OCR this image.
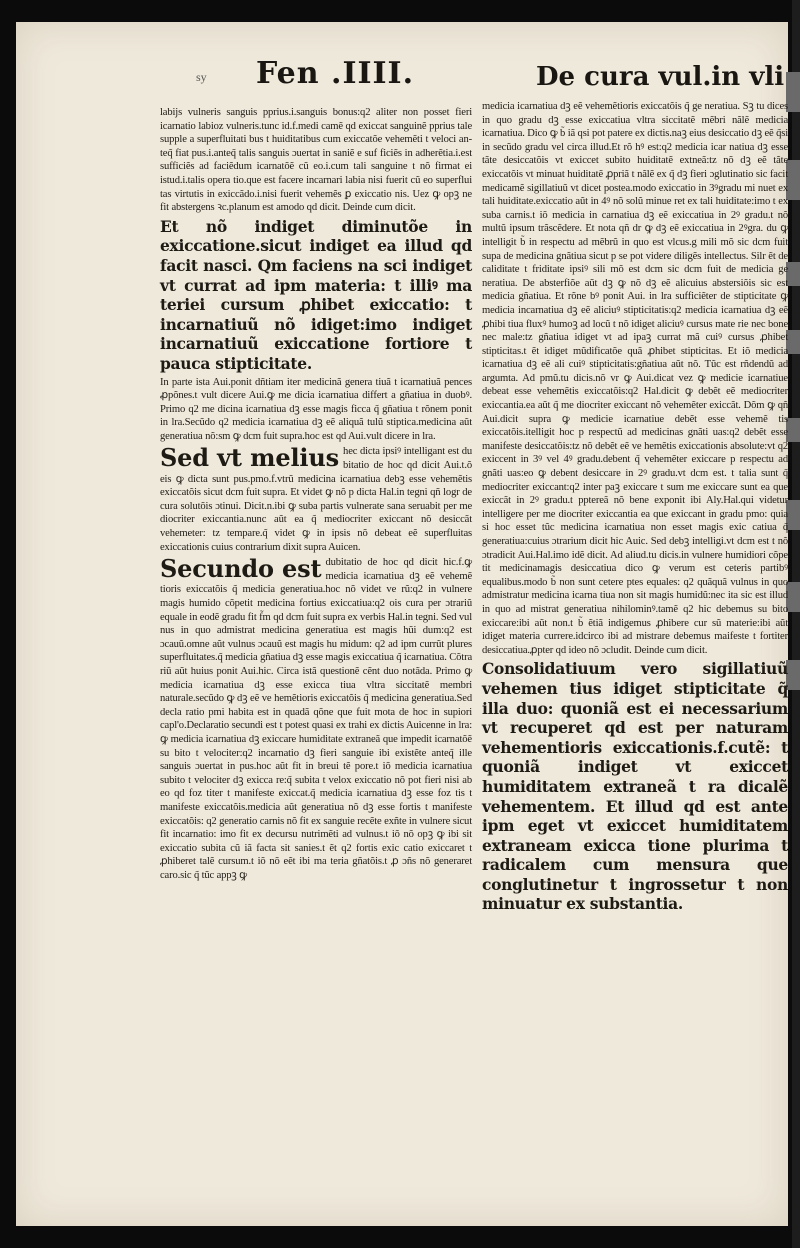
sy Fen .IIII.	De cura vul.in vli

labijs vulneris sanguis pprius.i.sanguis bonus:q2 aliter non posset fieri icarnatio labioz vulneris.tunc id.f.medi camẽ qd exiccat sanguinẽ pprius tale supple a superfluitati bus t huiditatibus cum exiccatõe vehemẽti t veloci an- teq̃ fiat pus.i.anteq̃ talis sanguis ɔuertat in saniẽ e suf ficiẽs in adherẽtia.i.est sufficiẽs ad faciẽdum icarnatõẽ cũ eo.i.cum tali sanguine t nõ firmat ei istud.i.talis opera tio.que est facere incarnari labia nisi fuerit cũ eo superflui tas virtutis in exiccãdo.i.nisi fuerit vehemẽs ꝑ exiccatio nis. Uez ꝙ opꝫ ne fit abstergens ꝛc.planum est amodo qd dicit. Deinde cum dicit.

Et nõ indiget diminutõe in exiccatione.sicut indiget ea illud qd facit nasci. Qm faciens na sci indiget vt currat ad ipm materia: t illiꝰ ma teriei cursum ꝓhibet exiccatio: t incarnatiuũ nõ idiget:imo indiget incarnatiuũ exiccatione fortiore t pauca stipticitate.

In parte ista Aui.ponit dñtiam iter medicinã genera tiuã t icarnatiuã pences ꝓpõnes.t vult dicere Aui.ꝙ me dicia icarnatiua differt a gñatiua in duobꝰ. Primo q2 me dicina icarnatiua dꝫ esse magis ficca q̃ gñatiua t rõnem ponit in lra.Secũdo q2 medicia icarnatiua dꝫ eẽ aliquã tulũ stiptica.medicina aũt generatiua nõ:sm ꝙ dcm fuit supra.hoc est qd Aui.vult dicere in lra.

Sed vt melius hec dicta ipsiꝰ intelligant est du bitatio de hoc qd dicit Aui.t.õ eis ꝙ dicta sunt pus.pmo.f.vtrũ medicina icarnatiua debꝫ esse vehemẽtis exiccatõis sicut dcm fuit supra. Et videt ꝙ nõ p dicta Hal.in tegni qñ logr de cura solutõis ɔtinui. Dicit.n.ibi ꝙ suba partis vulnerate sana seruabit per me diocriter exiccantia.nunc aũt ea q̃ mediocriter exiccant nõ desiccãt vehemeter: tz tempare.q̃ videt ꝙ in ipsis nõ debeat eẽ superfluitas exiccationis cuius contrarium dixit supra Auicen.

Secundo est dubitatio de hoc qd dicit hic.f.ꝙ medicia icarnatiua dꝫ eẽ vehemẽ tioris exiccatõis q̃ medicia generatiua.hoc nõ videt ve rũ:q2 in vulnere magis humido cõpetit medicina fortius exiccatiua:q2 ois cura per ɔtrariũ equale in eodẽ gradu fit f̃m qd dcm fuit supra ex verbis Hal.in tegni. Sed vul nus in quo admistrat medicina generatiua est magis hũi dum:q2 est ɔcauũ.omne aũt vulnus ɔcauũ est magis hu midum: q2 ad ipm currũt plures superfluitates.q̃ medicia gñatiua dꝫ esse magis exiccatiua q̃ icarnatiua. Cõtra riũ aũt huius ponit Aui.hic. Circa istã questionẽ cẽnt duo notãda. Primo ꝙ medicia icarnatiua dꝫ esse exicca tiua vltra siccitatẽ membri naturale.secũdo ꝙ dꝫ eẽ ve hemẽtioris exiccatõis q̃ medicina generatiua.Sed decla ratio pmi habita est in quadã qõne que fuit mota de hoc in supiori capl'o.Declaratio secundi est t potest quasi ex trahi ex dictis Auicenne in lra: ꝙ medicia icarnatiua dꝫ exiccare humiditate extraneã que impedit icarnatõẽ su bito t velociter:q2 incarnatio dꝫ fieri sanguie ibi existẽte anteq̃ ille sanguis ɔuertat in pus.hoc aũt fit in breui tẽ pore.t iõ medicia icarnatiua subito t velociter dꝫ exicca re:q̃ subita t velox exiccatio nõ pot fieri nisi ab eo qd foz titer t manifeste exiccat.q̃ medicia icarnatiua dꝫ esse foz tis t manifeste exiccatõis.medicia aũt generatiua nõ dꝫ esse fortis t manifeste exiccatõis: q2 generatio carnis nõ fit ex sanguie recẽte exñte in vulnere sicut fit incarnatio: imo fit ex decursu nutrimẽti ad vulnus.t iõ nõ opꝫ ꝙ ibi sit exiccatio subita cũ iã facta sit sanies.t ẽt q2 fortis exic catio exiccaret t ꝓhiberet talẽ cursum.t iõ nõ eẽt ibi ma teria gñatõis.t ꝓ ɔñs nõ generaret caro.sic q̃ tũc appꝫ ꝙ

medicia icarnatiua dꝫ eẽ vehemẽtioris exiccatõis q̃ ge neratiua. Sꝫ tu dices in quo gradu dꝫ esse exiccatiua vltra siccitatẽ mẽbri nãlẽ medicia icarnatiua. Dico ꝙ b̃ iã qsi pot patere ex dictis.naꝫ eius desiccatio dꝫ eẽ q̃si in secũdo gradu vel circa illud.Et rõ hꝰ est:q2 medicia icar natiua dꝫ esse tãte desiccatõis vt exiccet subito huiditatẽ extneã:tz nõ dꝫ eẽ tãte exiccatõis vt minuat huiditatẽ ꝓpriã t nãlẽ ex q̃ dꝫ fieri ɔglutinatio sic facit medicamẽ sigillatiuũ vt dicet postea.modo exiccatio in 3ꝰgradu mi nuet ex tali huiditate.exiccatio aũt in 4ꝰ nõ solũ minue ret ex tali huiditate:imo t ex suba carnis.t iõ medicia in carnatiua dꝫ eẽ exiccatiua in 2ꝰ gradu.t nõ multũ ipsum trãscẽdere. Et nota qñ dr ꝙ dꝫ eẽ exiccatiua in 2ꝰgra. du ꝙ intelligit b̃ in respectu ad mẽbrũ in quo est vlcus.g mili mõ sic dcm fuit supa de medicina gnãtiua sicut p se pot videre diligẽs intellectus. Silr ẽt de caliditate t friditate ipsiꝰ sili mõ est dcm sic dcm fuit de medicia ge neratiua. De absterfiõe aũt dꝫ ꝙ nõ dꝫ eẽ alicuius abstersiõis sic est medicia gñatiua. Et rõne bꝰ ponit Aui. in lra sufficiẽter de stipticitate ꝙ medicia incarnatiua dꝫ eẽ aliciuꝰ stipticitatis:q2 medicia icarnatiua dꝫ eẽ ꝓhibi tiua fluxꝰ humoꝫ ad locũ t nõ idiget aliciuꝰ cursus mate rie nec bone nec male:tz gñatiua idiget vt ad ipaꝫ currat mã cuiꝰ cursus ꝓhibet stipticitas.t ẽt idiget mũdificatõe quã ꝓhibet stipticitas. Et iõ medicia icarnatiua dꝫ eẽ ali cuiꝰ stipticitatis:gñatiua aũt nõ. Tũc est rñdendũ ad argumta. Ad pmũ.tu dicis.nõ vr ꝙ Aui.dicat vez ꝙ medicie icarnatiue debeat esse vehemẽtis exiccatõis:q2 Hal.dicit ꝙ debẽt eẽ mediocriter exiccantia.ea aũt q̃ me diocriter exiccant nõ vehemẽter exiccãt. Dõm ꝙ qñ Aui.dicit supra ꝙ medicie icarnatiue debẽt esse vehemẽ tis exiccatõis.itelligit hoc p respectũ ad medicinas gnãti uas:q2 debẽt esse manifeste desiccatõis:tz nõ debẽt eẽ ve hemẽtis exiccationis absolute:vt q2 exiccent in 3ꝰ vel 4ꝰ gradu.debent q̃ vehemẽter exiccare p respectu ad gnãti uas:eo ꝙ debent desiccare in 2ꝰ gradu.vt dcm est. t talia sunt q̃ mediocriter exiccant:q2 inter paꝫ exiccare t sum me exiccare sunt ea que exiccãt in 2ꝰ gradu.t pptereã nõ bene exponit ibi Aly.Hal.qui videtur intelligere per me diocriter exiccantia ea que exiccant in gradu pmo: quia si hoc esset tũc medicina icarnatiua non esset magis exic catiua q̃ generatiua:cuius ɔtrarium dicit hic Auic. Sed debꝫ intelligi.vt dcm est t nõ ɔtradicit Aui.Hal.imo idẽ dicit. Ad aliud.tu dicis.in vulnere humidiori cõpe tit medicinamagis desiccatiua dico ꝙ verum est ceteris partibꝰ equalibus.modo b̃ non sunt cetere ptes equales: q2 quãquã vulnus in quo admistratur medicina icarna tiua non sit magis humidũ:nec ita sic est illud in quo ad mistrat generatiua nihilominꝰ.tamẽ q2 hic debemus su bito exiccare:ibi aũt non.t b̃ ẽtiã indigemus ꝓhibere cur sũ materie:ibi aũt idiget materia currere.idcirco ibi ad mistrare debemus maifeste t fortiter desiccatiua.ꝓpter qd ideo nõ ɔcludit. Deinde cum dicit.

Consolidatiuum vero sigillatiuũ vehemen tius idiget stipticitate q̃ illa duo: quoniã est ei necessarium vt recuperet qd est per naturam vehementioris exiccationis.f.cutẽ: t quoniã indiget vt exiccet humiditatem extraneã t ra dicalẽ vehementem. Et illud qd est ante ipm eget vt exiccet humiditatem extraneam exicca tione plurima t radicalem cum mensura que conglutinetur t ingrossetur t non minuatur ex substantia.
